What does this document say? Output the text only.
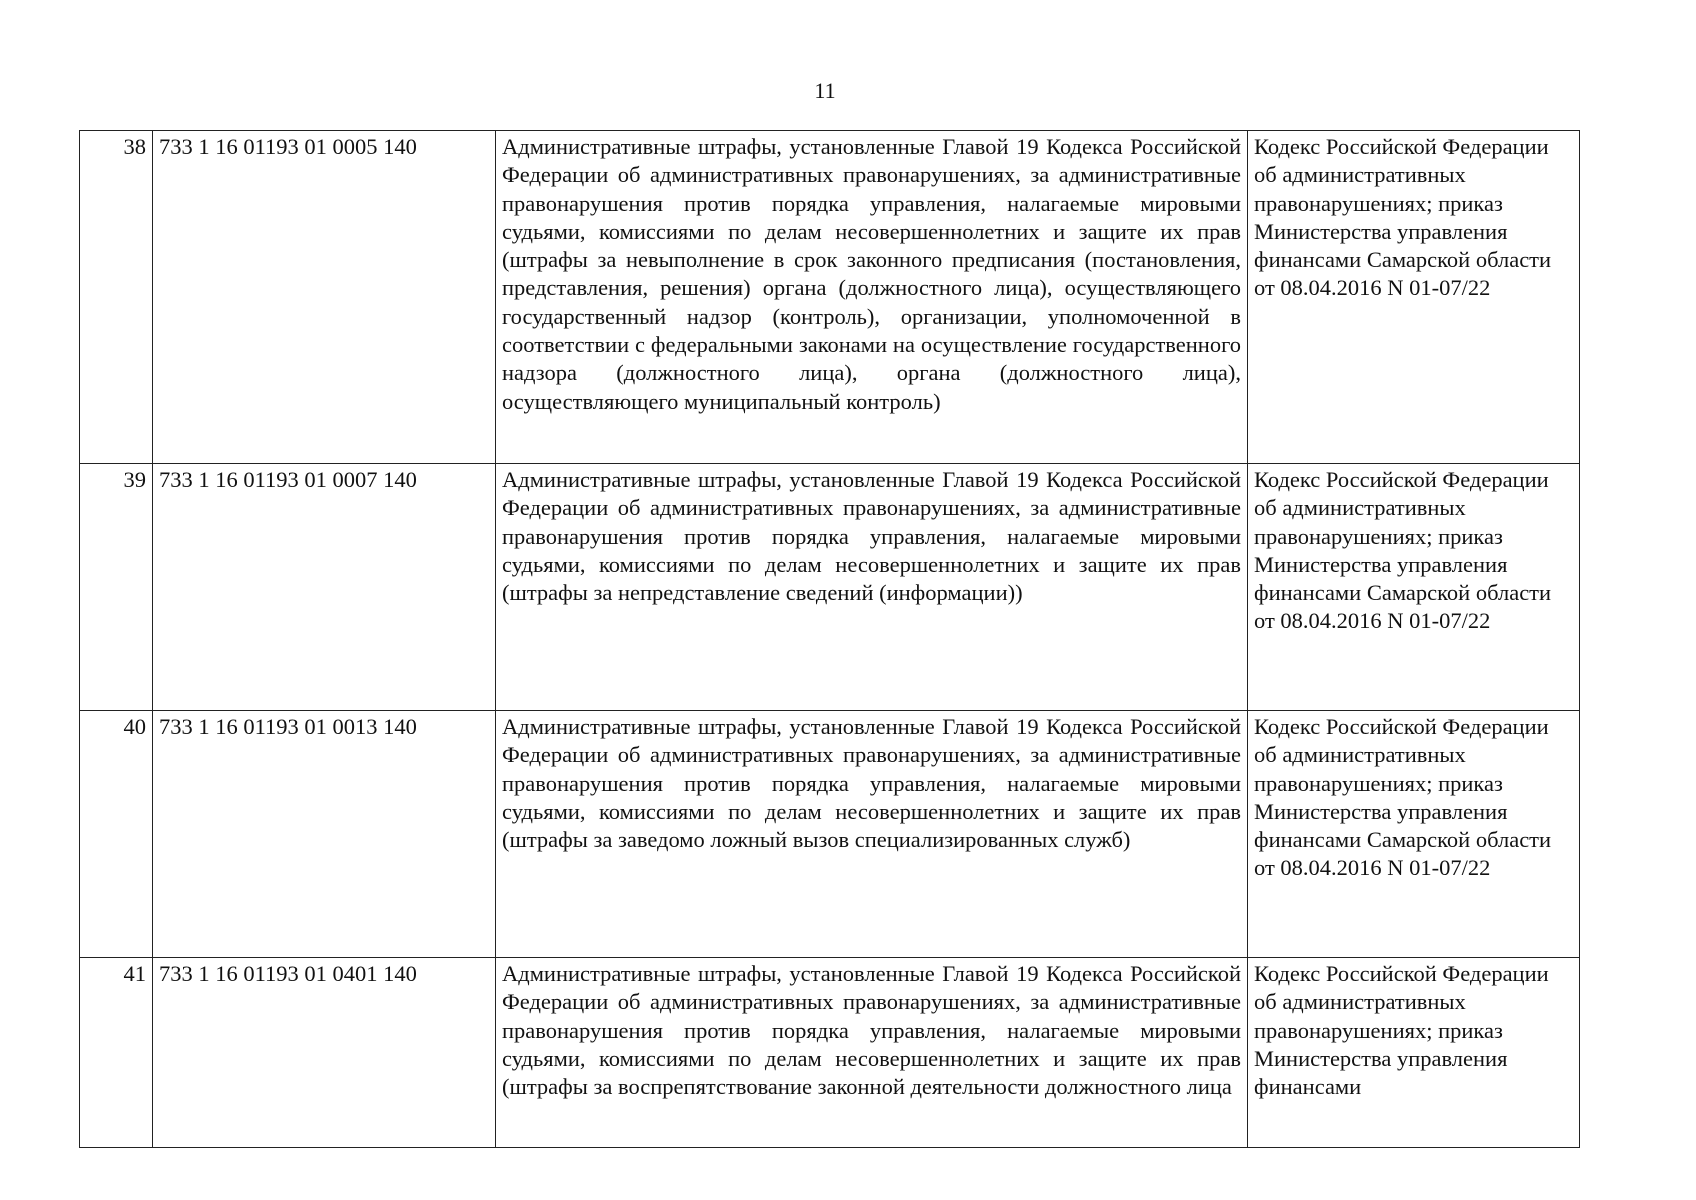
11
38	733 1 16 01193 01 0005 140	Административные штрафы, установленные Главой 19 Кодекса Российской Федерации об административных правонарушениях, за административные правонарушения против порядка управления, налагаемые мировыми судьями, комиссиями по делам несовершеннолетних и защите их прав (штрафы за невыполнение в срок законного предписания (постановления, представления, решения) органа (должностного лица), осуществляющего государственный надзор (контроль), организации, уполномоченной в соответствии с федеральными законами на осуществление государственного надзора (должностного лица), органа (должностного лица), осуществляющего муниципальный контроль)	Кодекс Российской Федерации об административных правонарушениях; приказ Министерства управления финансами Самарской области от 08.04.2016 N 01-07/22
39	733 1 16 01193 01 0007 140	Административные штрафы, установленные Главой 19 Кодекса Российской Федерации об административных правонарушениях, за административные правонарушения против порядка управления, налагаемые мировыми судьями, комиссиями по делам несовершеннолетних и защите их прав (штрафы за непредставление сведений (информации))	Кодекс Российской Федерации об административных правонарушениях; приказ Министерства управления финансами Самарской области от 08.04.2016 N 01-07/22
40	733 1 16 01193 01 0013 140	Административные штрафы, установленные Главой 19 Кодекса Российской Федерации об административных правонарушениях, за административные правонарушения против порядка управления, налагаемые мировыми судьями, комиссиями по делам несовершеннолетних и защите их прав (штрафы за заведомо ложный вызов специализированных служб)	Кодекс Российской Федерации об административных правонарушениях; приказ Министерства управления финансами Самарской области от 08.04.2016 N 01-07/22
41	733 1 16 01193 01 0401 140	Административные штрафы, установленные Главой 19 Кодекса Российской Федерации об административных правонарушениях, за административные правонарушения против порядка управления, налагаемые мировыми судьями, комиссиями по делам несовершеннолетних и защите их прав (штрафы за воспрепятствование законной деятельности должностного лица	Кодекс Российской Федерации об административных правонарушениях; приказ Министерства управления финансами
